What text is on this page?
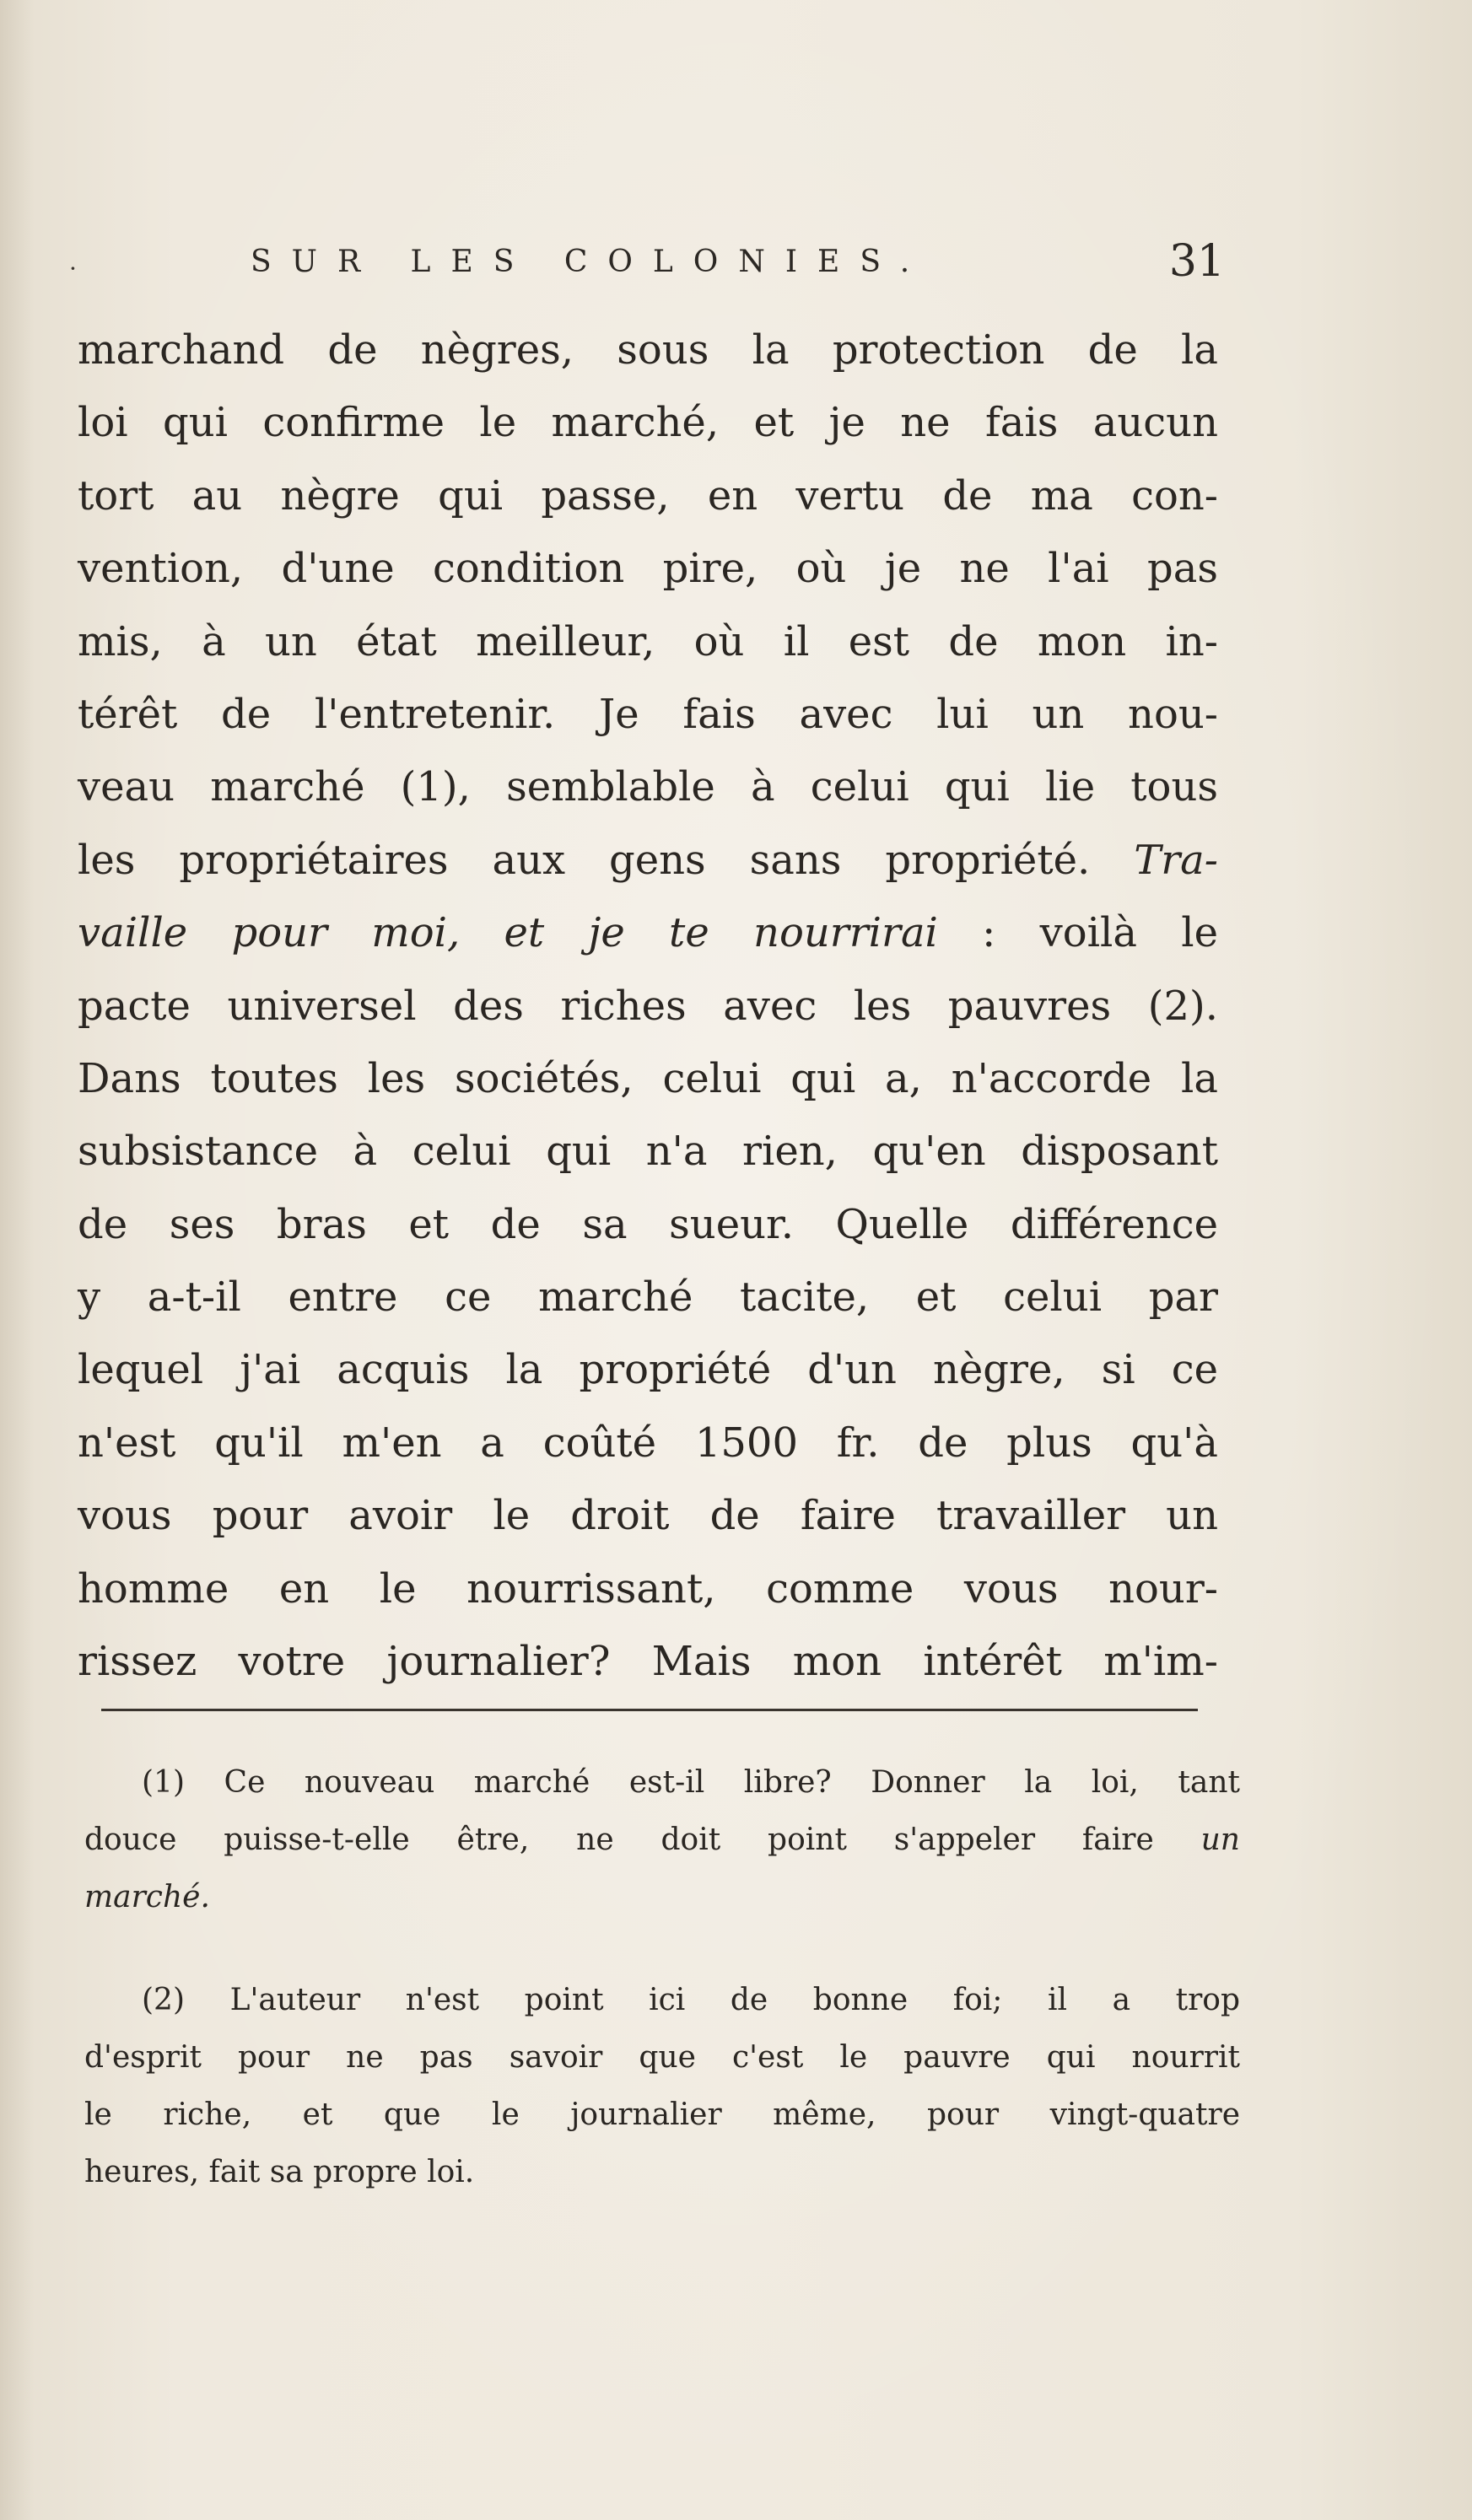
·	SUR LES COLONIES.	31
marchand de nègres, sous la protection de la
loi qui confirme le marché, et je ne fais aucun
tort au nègre qui passe, en vertu de ma con-
vention, d'une condition pire, où je ne l'ai pas
mis, à un état meilleur, où il est de mon in-
térêt de l'entretenir. Je fais avec lui un nou-
veau marché (1), semblable à celui qui lie tous
les propriétaires aux gens sans propriété. Tra-
vaille pour moi, et je te nourrirai : voilà le
pacte universel des riches avec les pauvres (2).
Dans toutes les sociétés, celui qui a, n'accorde la
subsistance à celui qui n'a rien, qu'en disposant
de ses bras et de sa sueur. Quelle différence
y a-t-il entre ce marché tacite, et celui par
lequel j'ai acquis la propriété d'un nègre, si ce
n'est qu'il m'en a coûté 1500 fr. de plus qu'à
vous pour avoir le droit de faire travailler un
homme en le nourrissant, comme vous nour-
rissez votre journalier? Mais mon intérêt m'im-
(1) Ce nouveau marché est-il libre? Donner la loi, tant
douce puisse-t-elle être, ne doit point s'appeler faire un
marché.
(2) L'auteur n'est point ici de bonne foi; il a trop
d'esprit pour ne pas savoir que c'est le pauvre qui nourrit
le riche, et que le journalier même, pour vingt-quatre
heures, fait sa propre loi.
